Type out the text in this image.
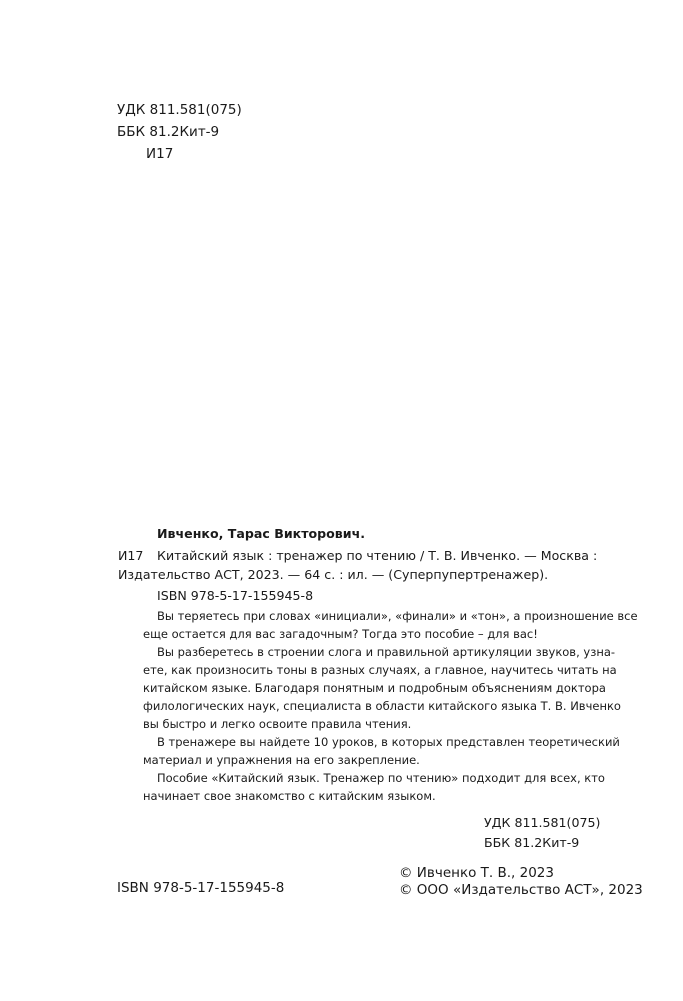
УДК 811.581(075)
ББК 81.2Кит-9
И17
Ивченко, Тарас Викторович.
И17 Китайский язык : тренажер по чтению / Т. В. Ивченко. — Москва :
Издательство АСТ, 2023. — 64 с. : ил. — (Суперпупертренажер).
ISBN 978-5-17-155945-8
Вы теряетесь при словах «инициали», «финали» и «тон», а произношение все
еще остается для вас загадочным? Тогда это пособие – для вас!
Вы разберетесь в строении слога и правильной артикуляции звуков, узна-
ете, как произносить тоны в разных случаях, а главное, научитесь читать на
китайском языке. Благодаря понятным и подробным объяснениям доктора
филологических наук, специалиста в области китайского языка Т. В. Ивченко
вы быстро и легко освоите правила чтения.
В тренажере вы найдете 10 уроков, в которых представлен теоретический
материал и упражнения на его закрепление.
Пособие «Китайский язык. Тренажер по чтению» подходит для всех, кто
начинает свое знакомство с китайским языком.
УДК 811.581(075)
ББК 81.2Кит-9
ISBN 978-5-17-155945-8
© Ивченко Т. В., 2023
© ООО «Издательство АСТ», 2023
